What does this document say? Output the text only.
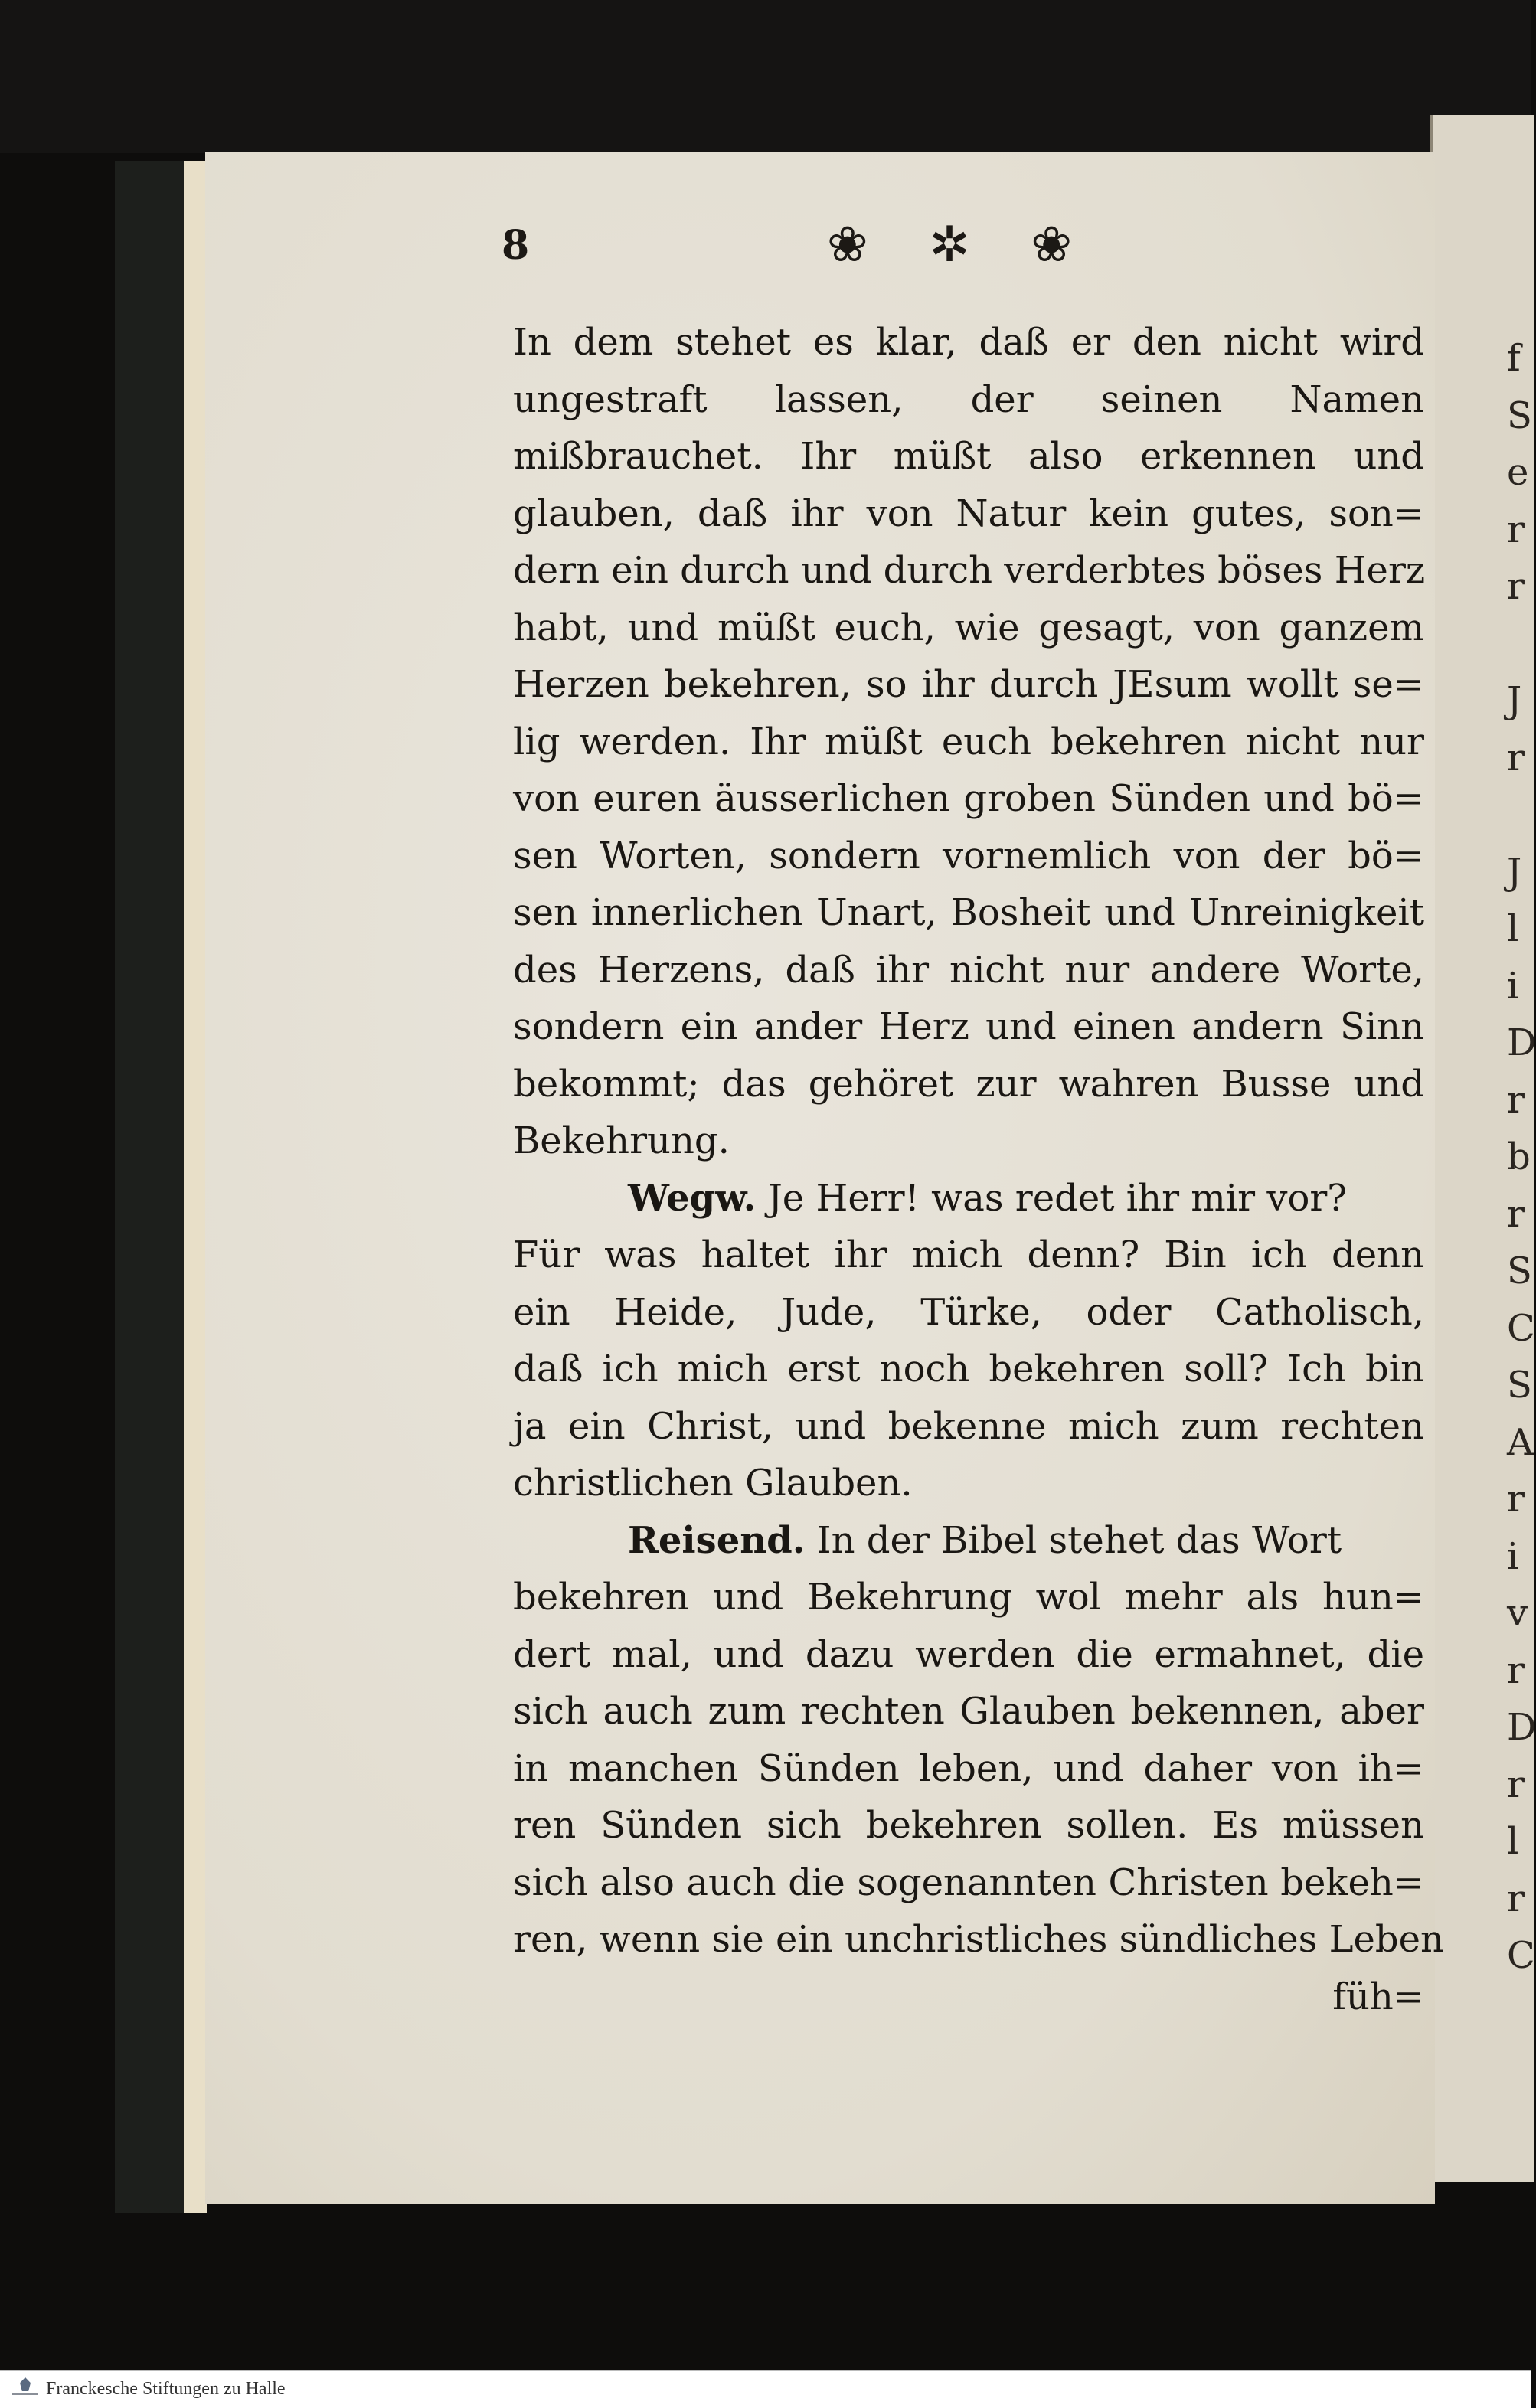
f
S
e
r
r
J
r
J
l
i
D
r
b
r
S
C
S
A
r
i
v
r
D
r
l
r
C
8	❀ ✲ ❀
In dem stehet es klar, daß er den nicht wird
ungestraft lassen, der seinen Namen
mißbrauchet. Ihr müßt also erkennen und
glauben, daß ihr von Natur kein gutes, son=
dern ein durch und durch verderbtes böses Herz
habt, und müßt euch, wie gesagt, von ganzem
Herzen bekehren, so ihr durch JEsum wollt se=
lig werden. Ihr müßt euch bekehren nicht nur
von euren äusserlichen groben Sünden und bö=
sen Worten, sondern vornemlich von der bö=
sen innerlichen Unart, Bosheit und Unreinigkeit
des Herzens, daß ihr nicht nur andere Worte,
sondern ein ander Herz und einen andern Sinn
bekommt; das gehöret zur wahren Busse und
Bekehrung.
Wegw. Je Herr! was redet ihr mir vor?
Für was haltet ihr mich denn? Bin ich denn
ein Heide, Jude, Türke, oder Catholisch,
daß ich mich erst noch bekehren soll? Ich bin
ja ein Christ, und bekenne mich zum rechten
christlichen Glauben.
Reisend. In der Bibel stehet das Wort
bekehren und Bekehrung wol mehr als hun=
dert mal, und dazu werden die ermahnet, die
sich auch zum rechten Glauben bekennen, aber
in manchen Sünden leben, und daher von ih=
ren Sünden sich bekehren sollen. Es müssen
sich also auch die sogenannten Christen bekeh=
ren, wenn sie ein unchristliches sündliches Leben
füh=
Franckesche Stiftungen zu Halle
